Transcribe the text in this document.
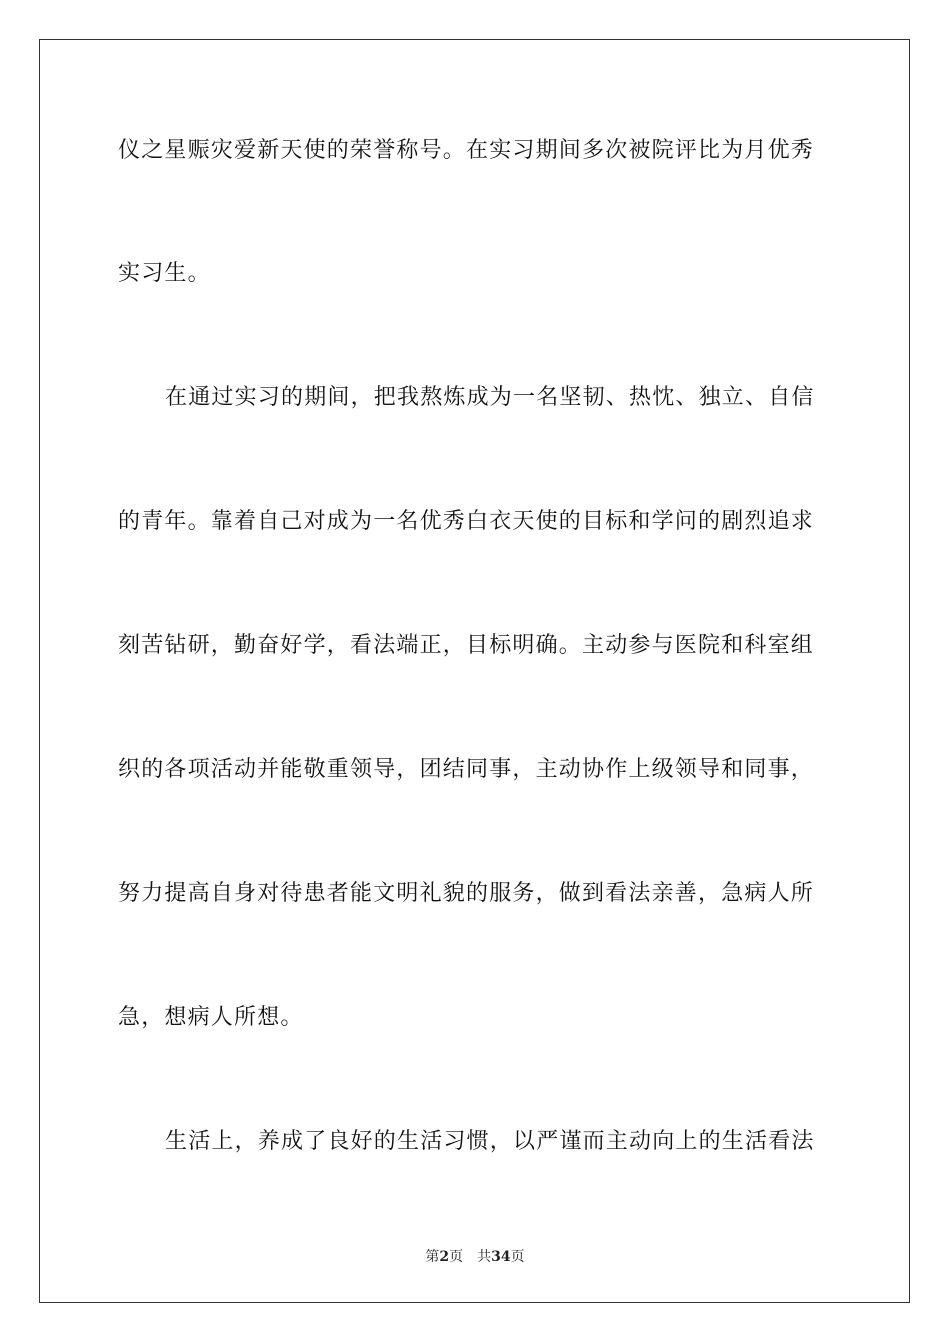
仪之星赈灾爱新天使的荣誉称号。在实习期间多次被院评比为月优秀
实习生。
在通过实习的期间，把我熬炼成为一名坚韧、热忱、独立、自信
的青年。靠着自己对成为一名优秀白衣天使的目标和学问的剧烈追求
刻苦钻研，勤奋好学，看法端正，目标明确。主动参与医院和科室组
织的各项活动并能敬重领导，团结同事，主动协作上级领导和同事，
努力提高自身对待患者能文明礼貌的服务，做到看法亲善，急病人所
急，想病人所想。
生活上，养成了良好的生活习惯，以严谨而主动向上的生活看法
第2页 共34页
